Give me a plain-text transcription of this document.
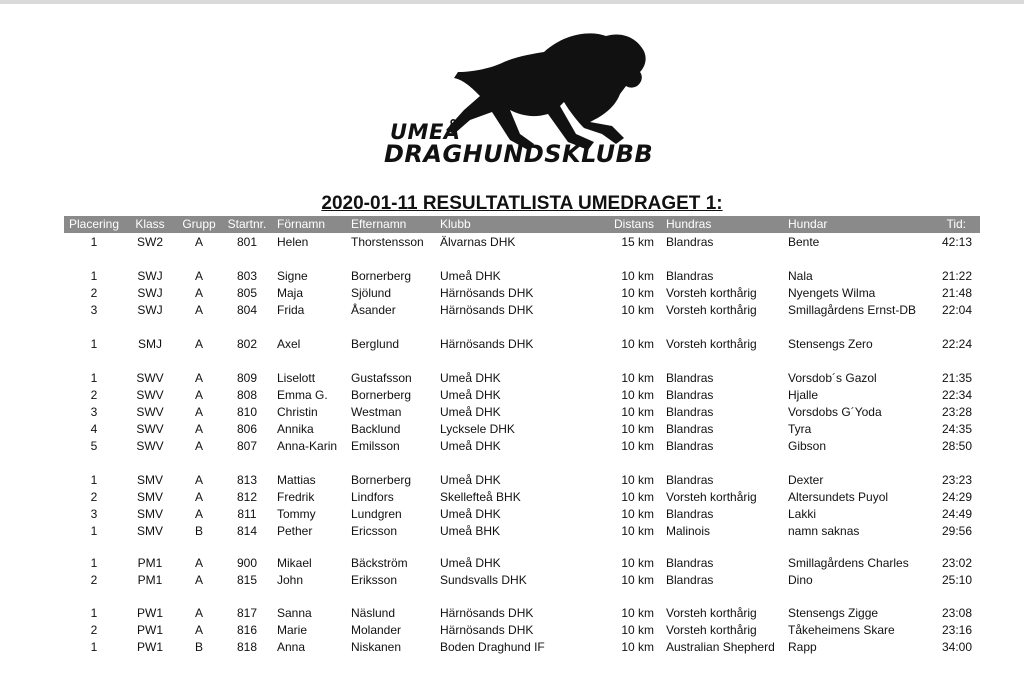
UMEÅ
DRAGHUNDSKLUBB
2020-01-11 RESULTATLISTA UMEDRAGET 1:
Placering	Klass	Grupp Startnr. Förnamn Efternamn	Klubb	Distans Hundras	Hundar	Tid:
1	SW2	A	801	Helen	Thorstensson	Älvarnas DHK	15 km Blandras	Bente	42:13
1	SWJ	A	803	Signe	Bornerberg	Umeå DHK	10 km Blandras	Nala	21:22
2	SWJ	A	805	Maja	Sjölund	Härnösands DHK	10 km Vorsteh korthårig	Nyengets Wilma	21:48
3	SWJ	A	804	Frida	Åsander	Härnösands DHK	10 km Vorsteh korthårig	Smillagårdens Ernst-DB	22:04
1	SMJ	A	802	Axel	Berglund	Härnösands DHK	10 km Vorsteh korthårig	Stensengs Zero	22:24
1	SWV	A	809	Liselott	Gustafsson	Umeå DHK	10 km Blandras	Vorsdob´s Gazol	21:35
2	SWV	A	808	Emma G.	Bornerberg	Umeå DHK	10 km Blandras	Hjalle	22:34
3	SWV	A	810	Christin	Westman	Umeå DHK	10 km Blandras	Vorsdobs G´Yoda	23:28
4	SWV	A	806	Annika	Backlund	Lycksele DHK	10 km Blandras	Tyra	24:35
5	SWV	A	807	Anna-Karin	Emilsson	Umeå DHK	10 km Blandras	Gibson	28:50
1	SMV	A	813	Mattias	Bornerberg	Umeå DHK	10 km Blandras	Dexter	23:23
2	SMV	A	812	Fredrik	Lindfors	Skellefteå BHK	10 km Vorsteh korthårig	Altersundets Puyol	24:29
3	SMV	A	811	Tommy	Lundgren	Umeå DHK	10 km Blandras	Lakki	24:49
1	SMV	B	814	Pether	Ericsson	Umeå BHK	10 km Malinois	namn saknas	29:56
1	PM1	A	900	Mikael	Bäckström	Umeå DHK	10 km Blandras	Smillagårdens Charles	23:02
2	PM1	A	815	John	Eriksson	Sundsvalls DHK	10 km Blandras	Dino	25:10
1	PW1	A	817	Sanna	Näslund	Härnösands DHK	10 km Vorsteh korthårig	Stensengs Zigge	23:08
2	PW1	A	816	Marie	Molander	Härnösands DHK	10 km Vorsteh korthårig	Tåkeheimens Skare	23:16
1	PW1	B	818	Anna	Niskanen	Boden Draghund IF	10 km Australian Shepherd	Rapp	34:00
